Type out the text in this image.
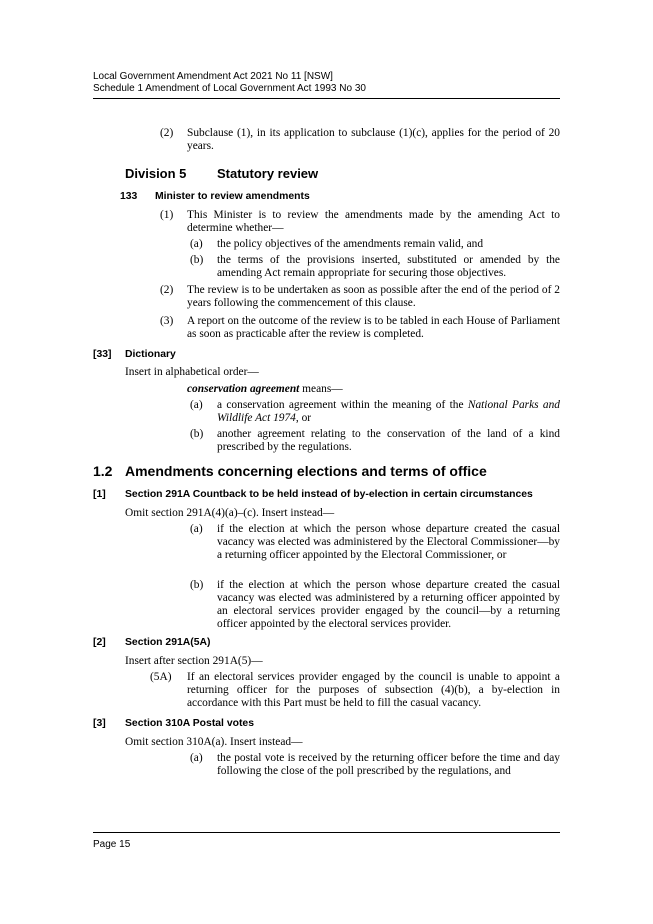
Local Government Amendment Act 2021 No 11 [NSW]
Schedule 1 Amendment of Local Government Act 1993 No 30
(2) Subclause (1), in its application to subclause (1)(c), applies for the period of 20 years.
Division 5 Statutory review
133 Minister to review amendments
(1) This Minister is to review the amendments made by the amending Act to determine whether—
(a) the policy objectives of the amendments remain valid, and
(b) the terms of the provisions inserted, substituted or amended by the amending Act remain appropriate for securing those objectives.
(2) The review is to be undertaken as soon as possible after the end of the period of 2 years following the commencement of this clause.
(3) A report on the outcome of the review is to be tabled in each House of Parliament as soon as practicable after the review is completed.
[33] Dictionary
Insert in alphabetical order—
conservation agreement means—
(a) a conservation agreement within the meaning of the National Parks and Wildlife Act 1974, or
(b) another agreement relating to the conservation of the land of a kind prescribed by the regulations.
1.2 Amendments concerning elections and terms of office
[1] Section 291A Countback to be held instead of by-election in certain circumstances
Omit section 291A(4)(a)–(c). Insert instead—
(a) if the election at which the person whose departure created the casual vacancy was elected was administered by the Electoral Commissioner—by a returning officer appointed by the Electoral Commissioner, or
(b) if the election at which the person whose departure created the casual vacancy was elected was administered by a returning officer appointed by an electoral services provider engaged by the council—by a returning officer appointed by the electoral services provider.
[2] Section 291A(5A)
Insert after section 291A(5)—
(5A) If an electoral services provider engaged by the council is unable to appoint a returning officer for the purposes of subsection (4)(b), a by-election in accordance with this Part must be held to fill the casual vacancy.
[3] Section 310A Postal votes
Omit section 310A(a). Insert instead—
(a) the postal vote is received by the returning officer before the time and day following the close of the poll prescribed by the regulations, and
Page 15
